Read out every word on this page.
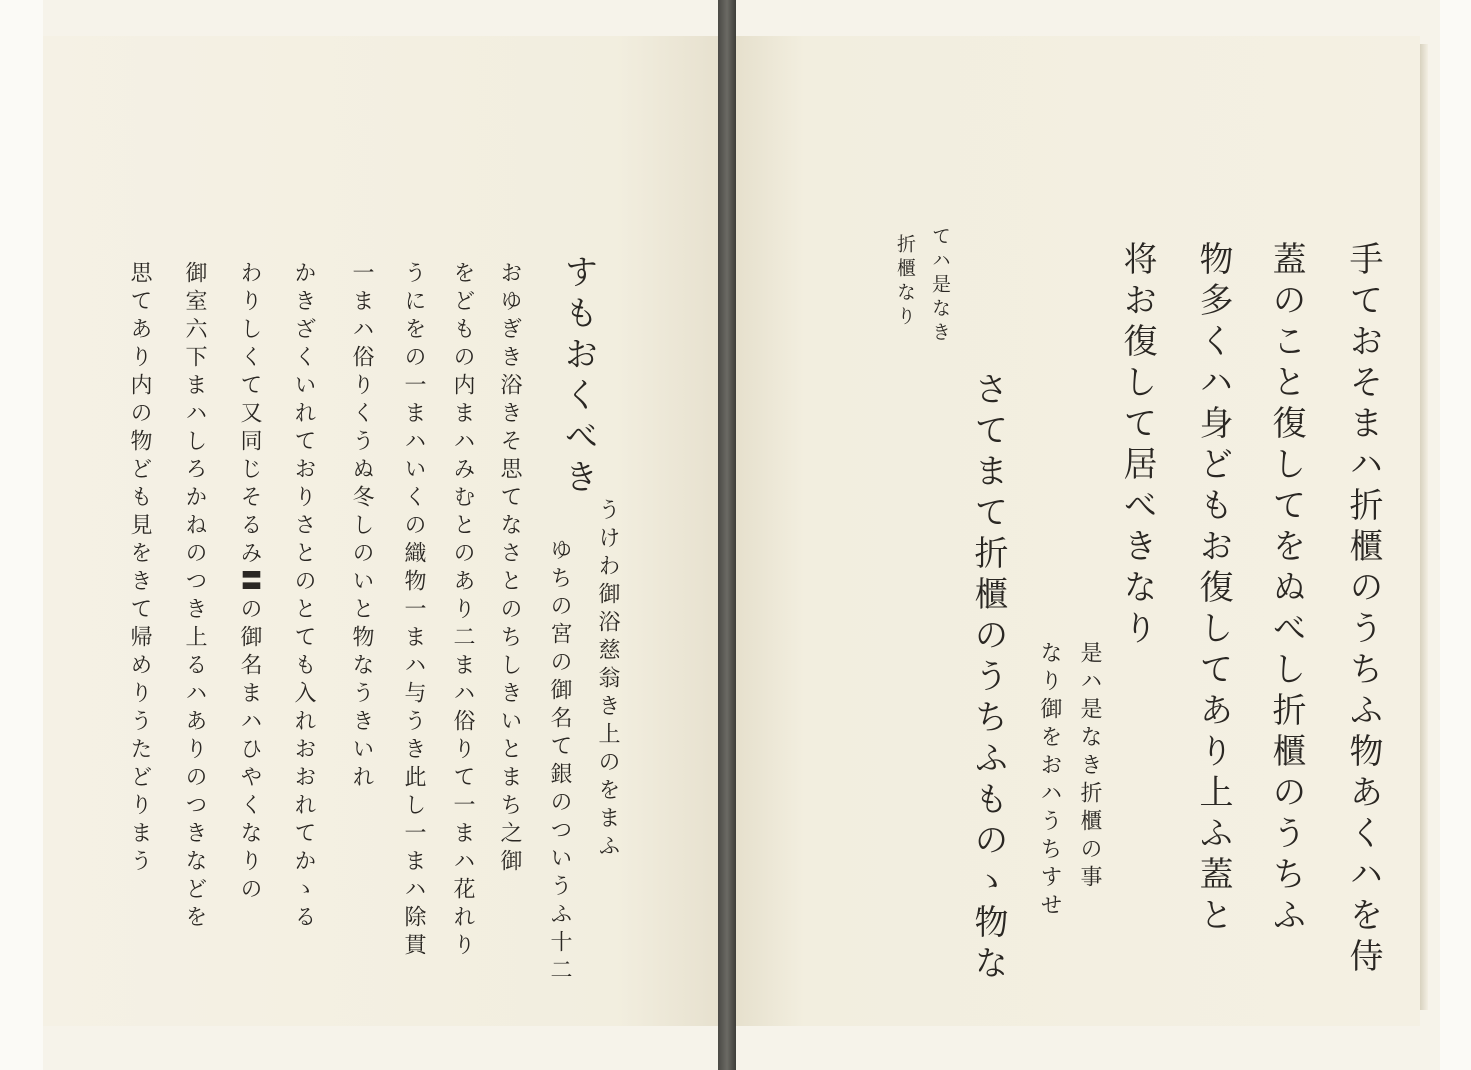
すもおくべき

うけわ御浴慈翁き上のをまふ

ゆちの宮の御名て銀のついうふ十二

おゆぎき浴きそ思てなさとのちしきいとまち之御

をどもの内まハみむとのあり二まハ俗りて一まハ花れり

うにをの一まハいくの織物一まハ与うき此し一まハ除貫

一まハ俗りくうぬ冬しのいと物なうきいれ

かきざくいれておりさとのとても入れおおれてかゝる

わりしくて又同じそるみ〓の御名まハひやくなりの

御室六下まハしろかねのつき上るハありのつきなどを

思てあり内の物ども見をきて帰めりうたどりまう	手ておそまハ折櫃のうちふ物あくハを侍

蓋のこと復してをぬべし折櫃のうちふ

物多くハ身どもお復してあり上ふ蓋と

将お復して居べきなり

是ハ是なき折櫃の事

なり御をおハうちすせ

さてまて折櫃のうちふものゝ物な

てハ是なき

折櫃なり
